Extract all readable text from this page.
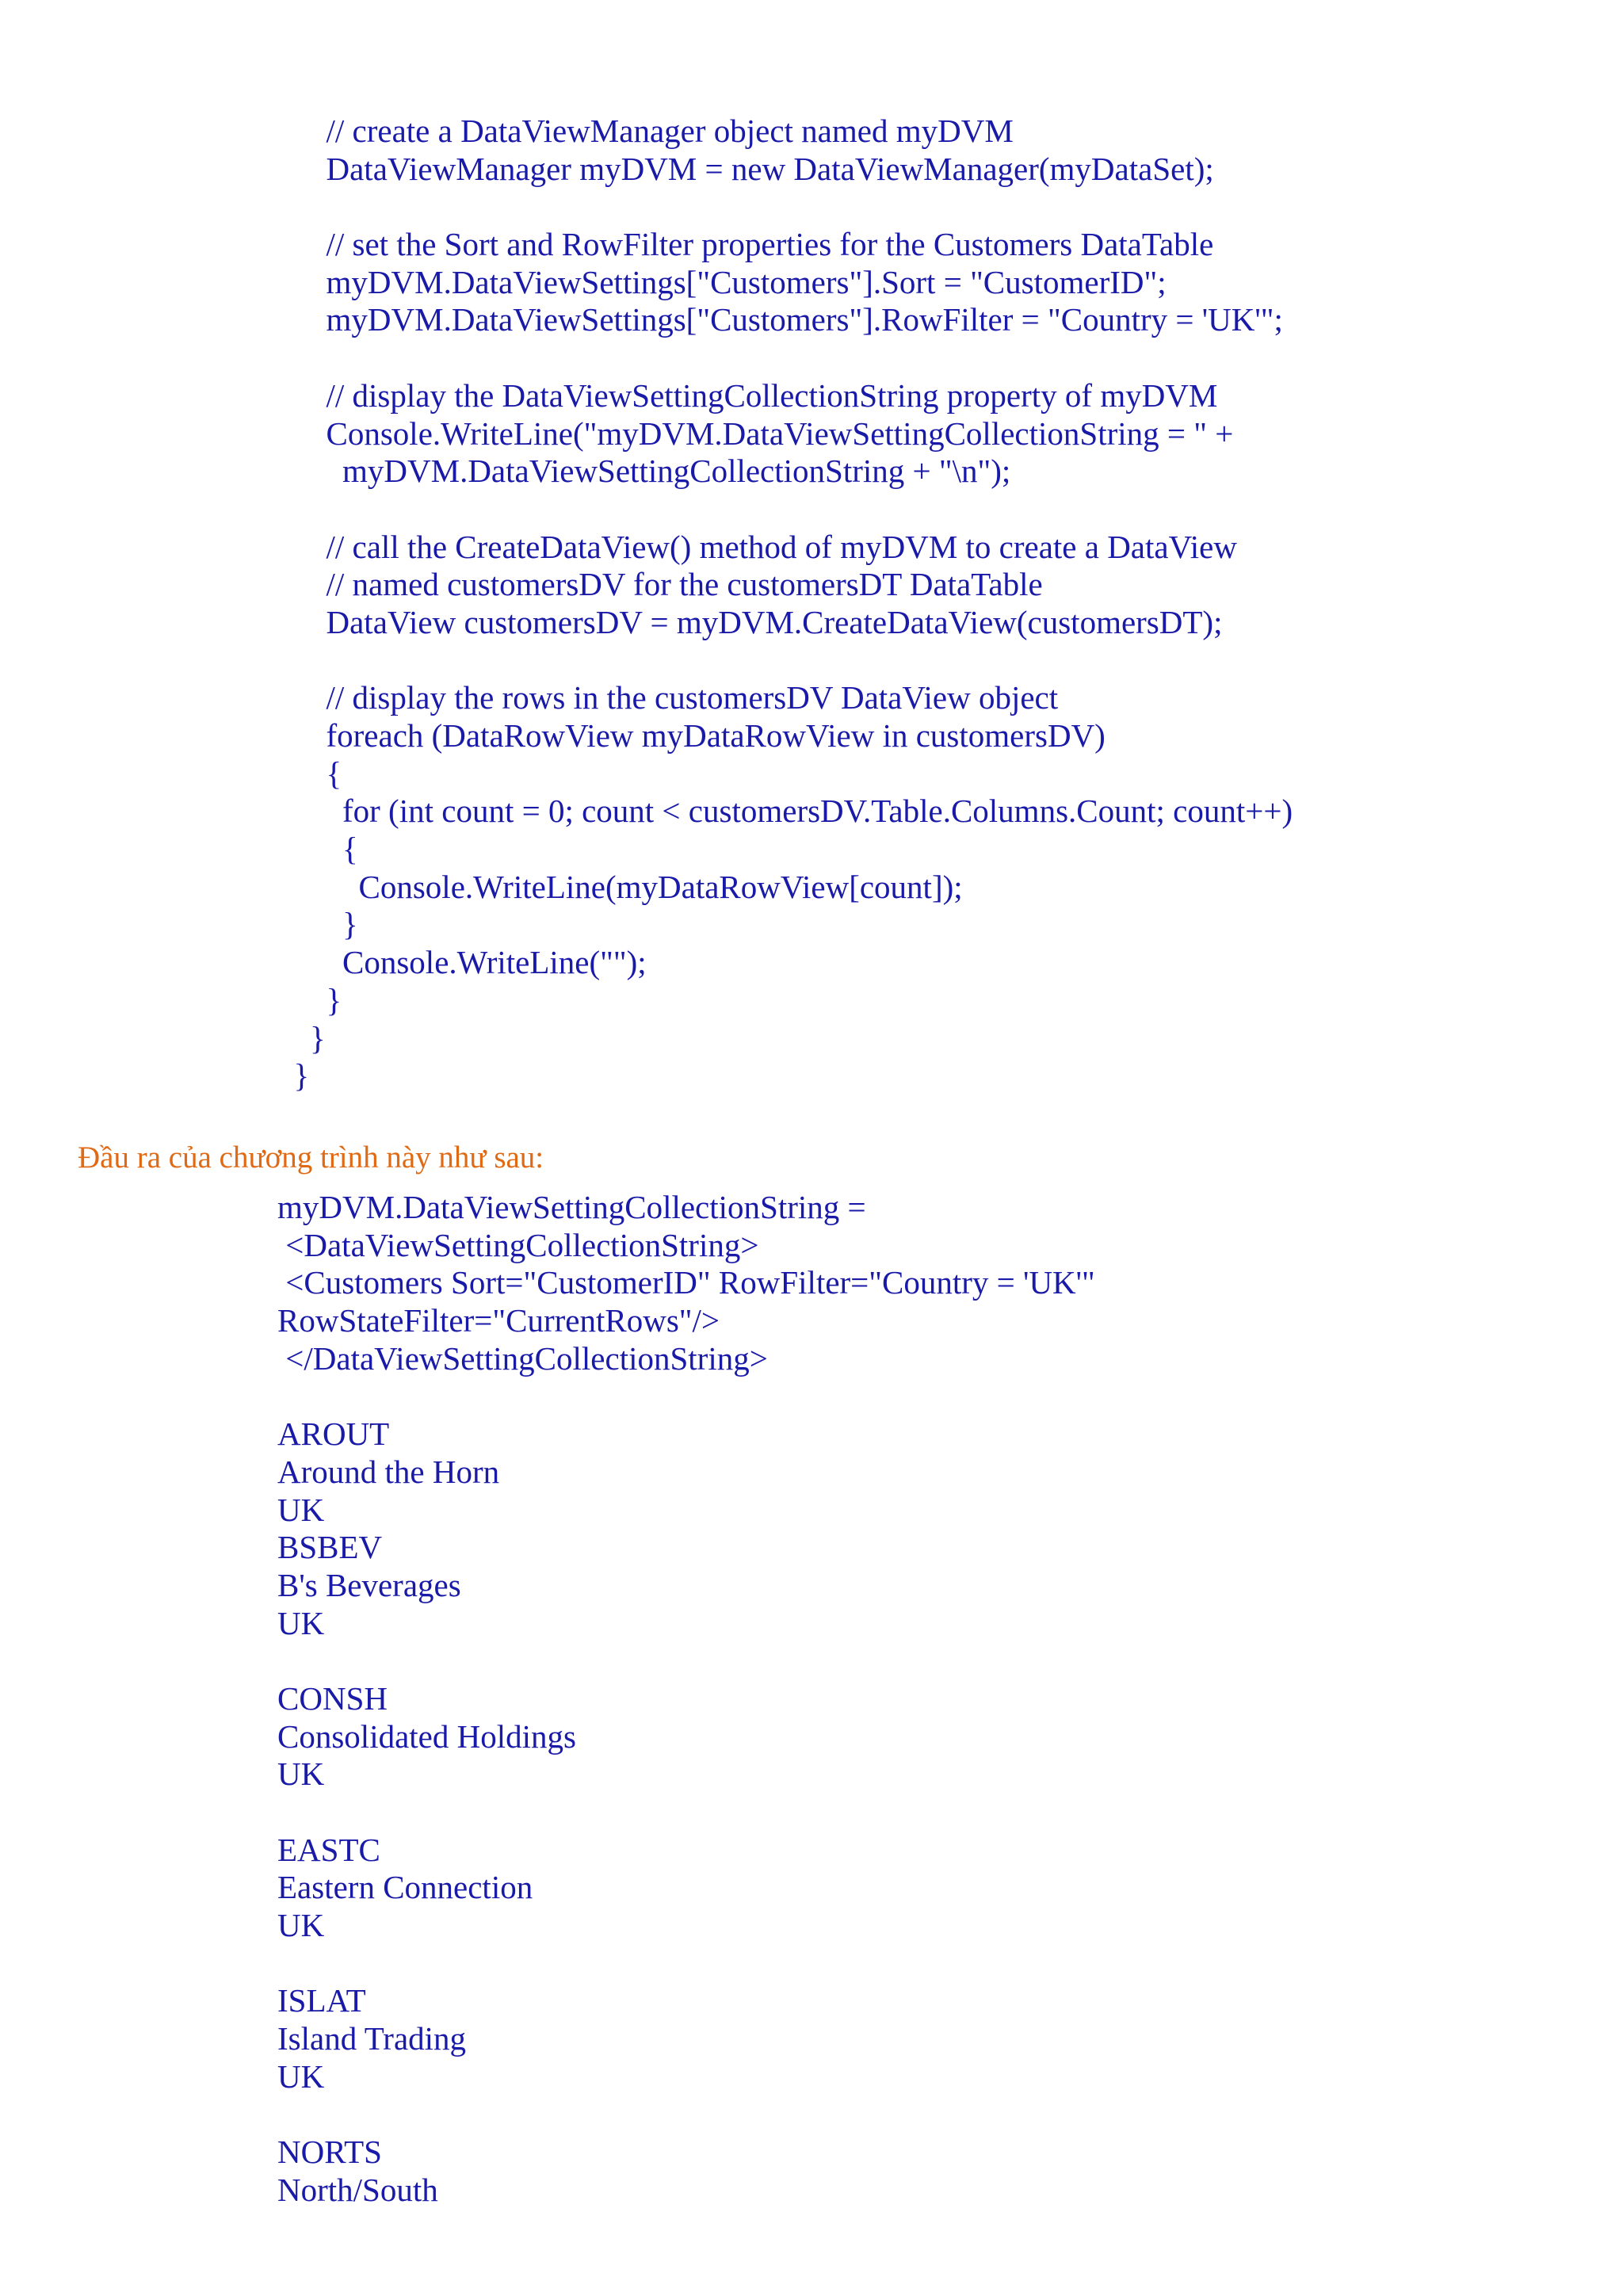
// create a DataViewManager object named myDVM
DataViewManager myDVM = new DataViewManager(myDataSet);
// set the Sort and RowFilter properties for the Customers DataTable
myDVM.DataViewSettings["Customers"].Sort = "CustomerID";
myDVM.DataViewSettings["Customers"].RowFilter = "Country = 'UK'";
// display the DataViewSettingCollectionString property of myDVM
Console.WriteLine("myDVM.DataViewSettingCollectionString = " +
myDVM.DataViewSettingCollectionString + "\n");
// call the CreateDataView() method of myDVM to create a DataView
// named customersDV for the customersDT DataTable
DataView customersDV = myDVM.CreateDataView(customersDT);
// display the rows in the customersDV DataView object
foreach (DataRowView myDataRowView in customersDV)
{
for (int count = 0; count < customersDV.Table.Columns.Count; count++)
{
Console.WriteLine(myDataRowView[count]);
}
Console.WriteLine("");
}
}
}
Đầu ra của chương trình này như sau:
myDVM.DataViewSettingCollectionString =
<DataViewSettingCollectionString>
<Customers Sort="CustomerID" RowFilter="Country = 'UK'"
RowStateFilter="CurrentRows"/>
</DataViewSettingCollectionString>
AROUT
Around the Horn
UK
BSBEV
B's Beverages
UK
CONSH
Consolidated Holdings
UK
EASTC
Eastern Connection
UK
ISLAT
Island Trading
UK
NORTS
North/South
